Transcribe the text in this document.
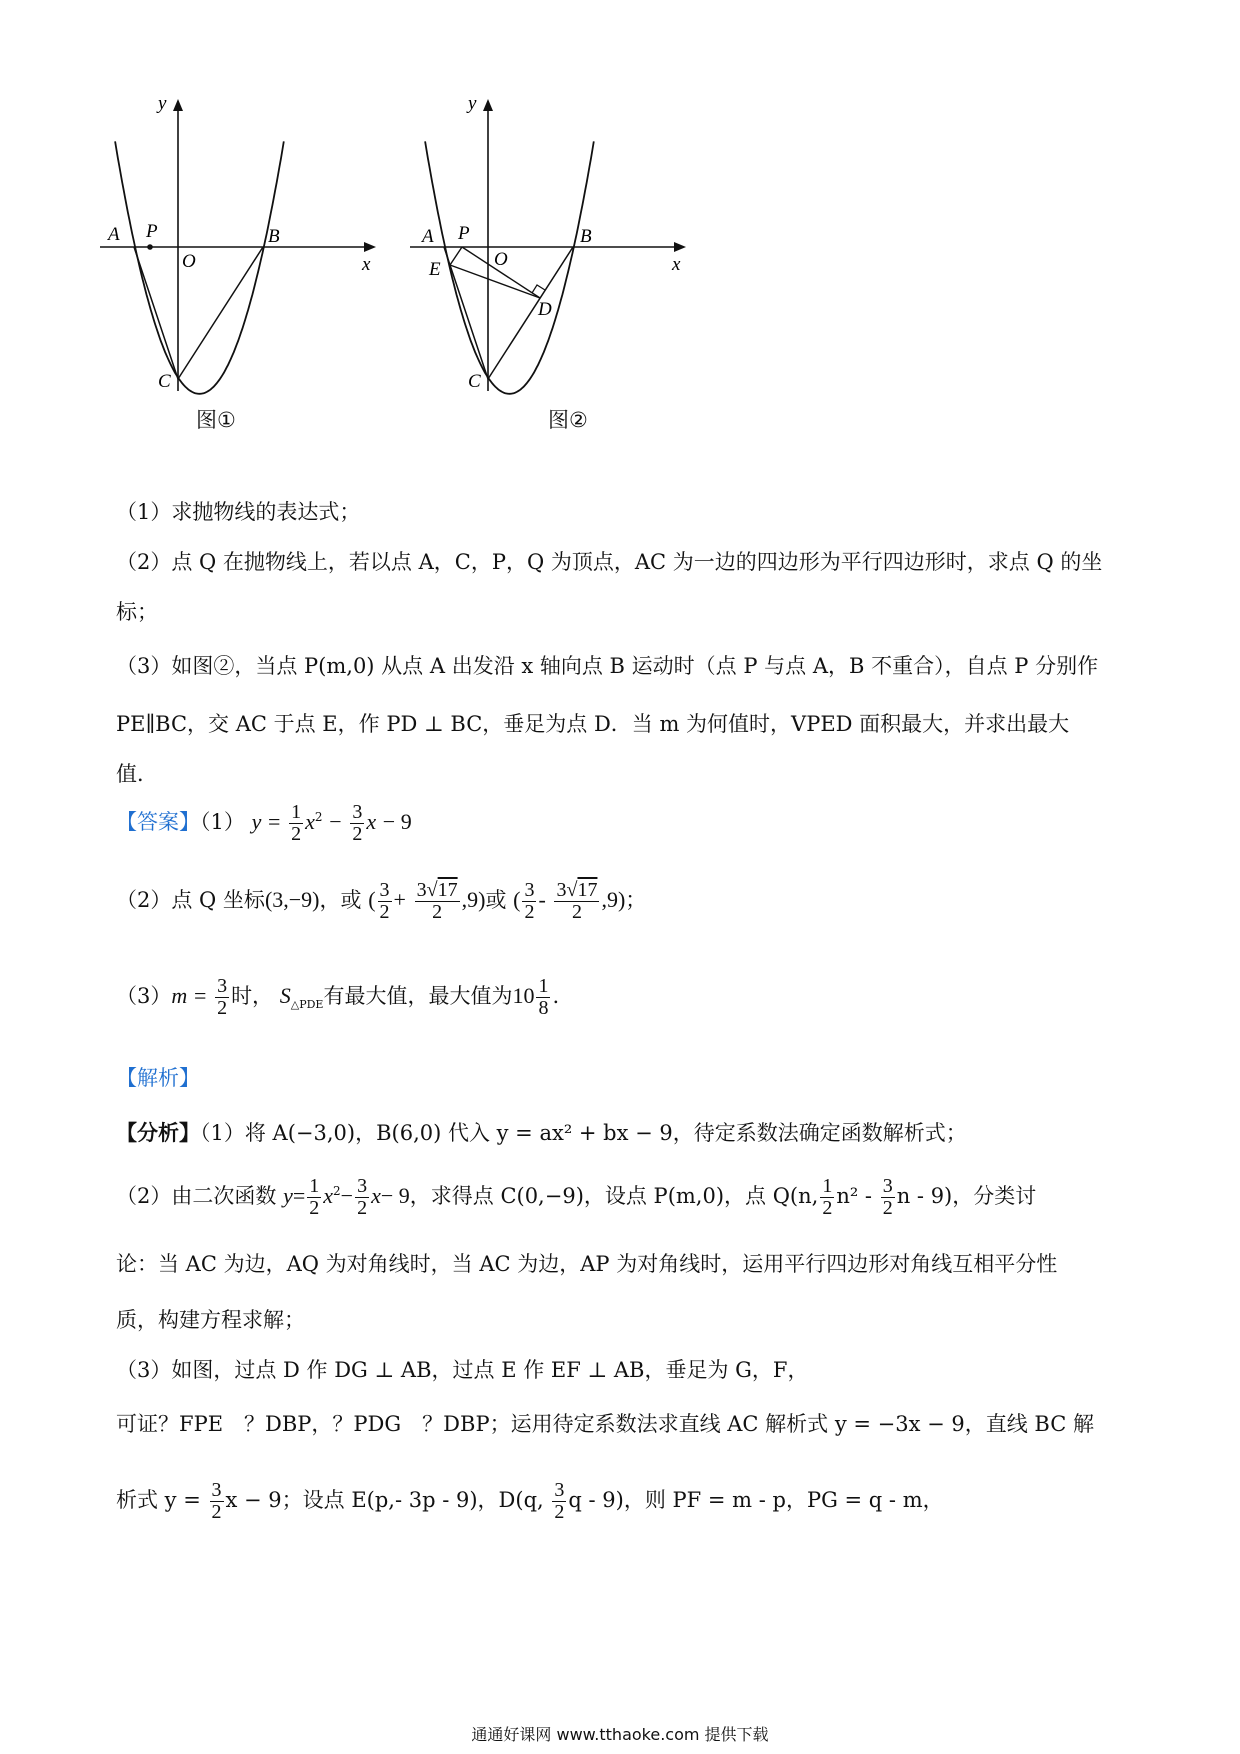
y
x
A P
O
B
C
图①
y
x
A P
O
B
E
D
C
图②
（1）求抛物线的表达式；
（2）点 Q 在抛物线上，若以点 A，C，P，Q 为顶点，AC 为一边的四边形为平行四边形时，求点 Q 的坐
标；
（3）如图②，当点 P(m,0) 从点 A 出发沿 x 轴向点 B 运动时（点 P 与点 A，B 不重合），自点 P 分别作
PE∥BC，交 AC 于点 E，作 PD ⊥ BC，垂足为点 D．当 m 为何值时，VPED 面积最大，并求出最大
值．
【答案】（1） $y = \frac{1}{2} x^2 - \frac{3}{2}$ x − 9
（2）点 Q 坐标(3,−9)，或 ( $\frac{3}{2} + \frac{3√17}{2} ,9$)或 ( $\frac{3}{2} - \frac{3√17}{2} ,9$)；
$(3)m = \frac{3}{2}$ 时， $S_{\triangle PDE}$有最大值，最大值为$10 \frac{1}{8}$ .
【解析】
【分析】（1）将 A(−3,0)，B(6,0) 代入 y = ax² + bx − 9，待定系数法确定函数解析式；
（2）由二次函数 $y= \frac{1}{2} x^2- \frac{3}{2} x- 9$，求得点 C(0,−9)，设点 P(m,0)，点 Q(n, $\frac{1}{2} n^2 - \frac{3}{2}$ n - 9)，分类讨
论：当 AC 为边，AQ 为对角线时，当 AC 为边，AP 为对角线时，运用平行四边形对角线互相平分性
质，构建方程求解；
（3）如图，过点 D 作 DG ⊥ AB，过点 E 作 EF ⊥ AB，垂足为 G，F，
可证？FPE　？DBP，？PDG　？DBP；运用待定系数法求直线 AC 解析式 y = −3x − 9，直线 BC 解
析式 $y = \frac{3}{2}$ x − 9；设点 E(p,- 3p - 9)，D(q, $\frac{3}{2}$ q - 9)，则 PF = m - p，PG = q - m，
通通好课网 www.tthaoke.com 提供下载
